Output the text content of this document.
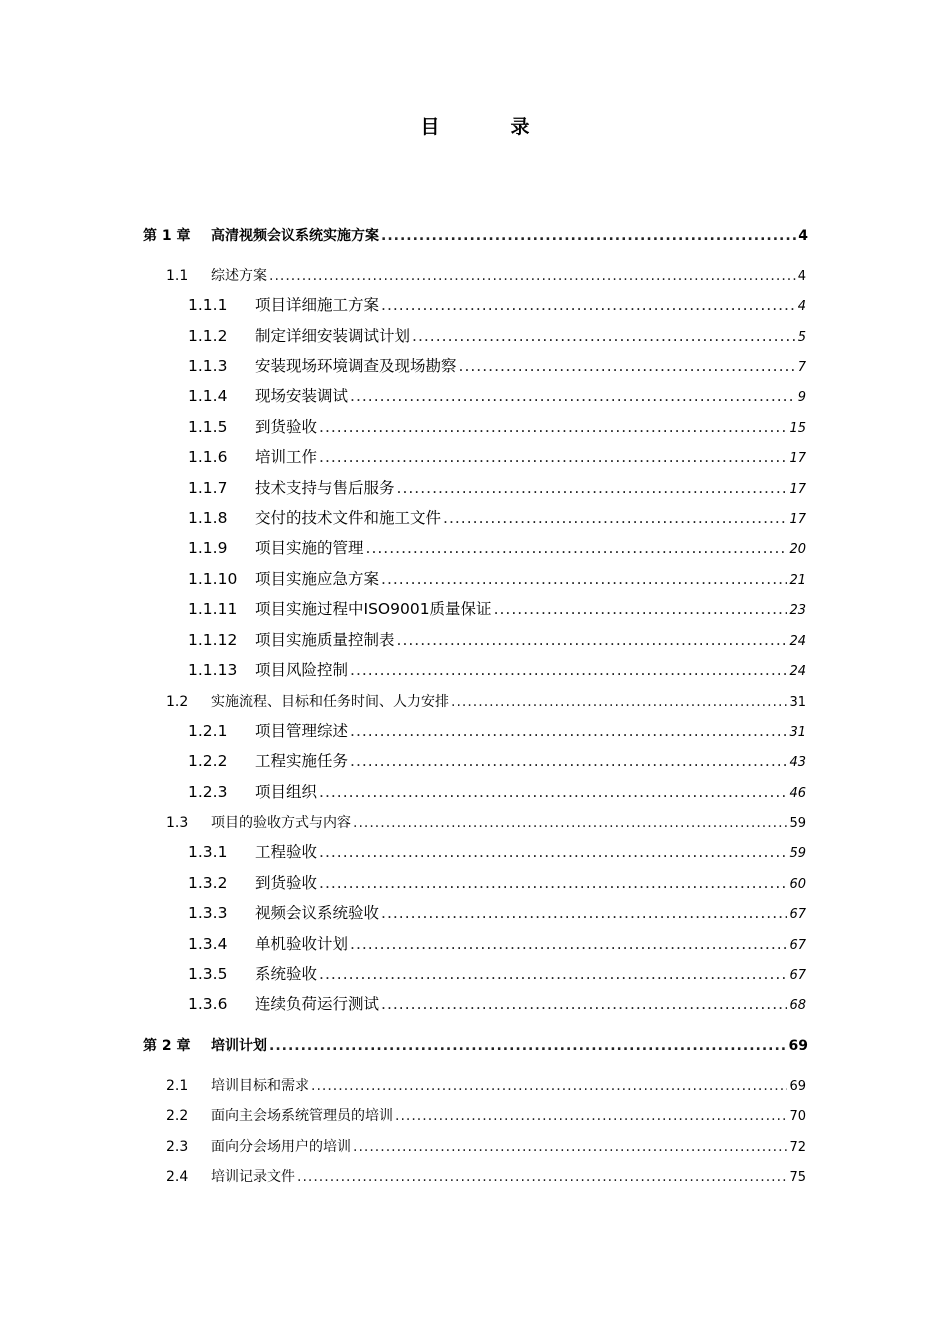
目　录
第 1 章	高清视频会议系统实施方案 .....	4
1.1	综述方案 .....	4
1.1.1	项目详细施工方案 .....	4
1.1.2	制定详细安装调试计划 .....	5
1.1.3	安装现场环境调查及现场勘察 .....	7
1.1.4	现场安装调试 .....	9
1.1.5	到货验收 .....	15
1.1.6	培训工作 .....	17
1.1.7	技术支持与售后服务 .....	17
1.1.8	交付的技术文件和施工文件 .....	17
1.1.9	项目实施的管理 .....	20
1.1.10	项目实施应急方案 .....	21
1.1.11	项目实施过程中ISO9001质量保证 .....	23
1.1.12	项目实施质量控制表 .....	24
1.1.13	项目风险控制 .....	24
1.2	实施流程、目标和任务时间、人力安排 .....	31
1.2.1	项目管理综述 .....	31
1.2.2	工程实施任务 .....	43
1.2.3	项目组织 .....	46
1.3	项目的验收方式与内容 .....	59
1.3.1	工程验收 .....	59
1.3.2	到货验收 .....	60
1.3.3	视频会议系统验收 .....	67
1.3.4	单机验收计划 .....	67
1.3.5	系统验收 .....	67
1.3.6	连续负荷运行测试 .....	68
第 2 章	培训计划 .....	69
2.1	培训目标和需求 .....	69
2.2	面向主会场系统管理员的培训 .....	70
2.3	面向分会场用户的培训 .....	72
2.4	培训记录文件 .....	75
